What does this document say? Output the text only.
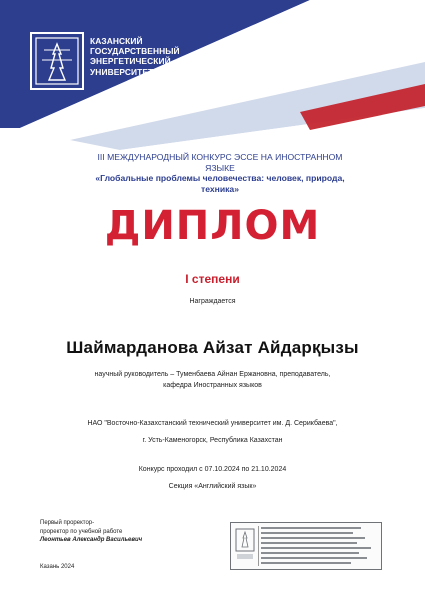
КАЗАНСКИЙ
ГОСУДАРСТВЕННЫЙ
ЭНЕРГЕТИЧЕСКИЙ
УНИВЕРСИТЕТ
III МЕЖДУНАРОДНЫЙ КОНКУРС ЭССЕ НА ИНОСТРАННОМ
ЯЗЫКЕ
«Глобальные проблемы человечества: человек, природа,
техника»
ДИПЛОМ
I степени
Награждается
Шаймарданова Айзат Айдарқызы
научный руководитель – Туменбаева Айнан Ержановна, преподаватель,
кафедра Иностранных языков
НАО "Восточно-Казахстанский технический университет им. Д. Серикбаева",
г. Усть-Каменогорск, Республика Казахстан
Конкурс проходил с 07.10.2024 по 21.10.2024
Секция «Английский язык»
Первый проректор-
проректор по учебной работе
Леонтьев Александр Васильевич
Казань 2024
